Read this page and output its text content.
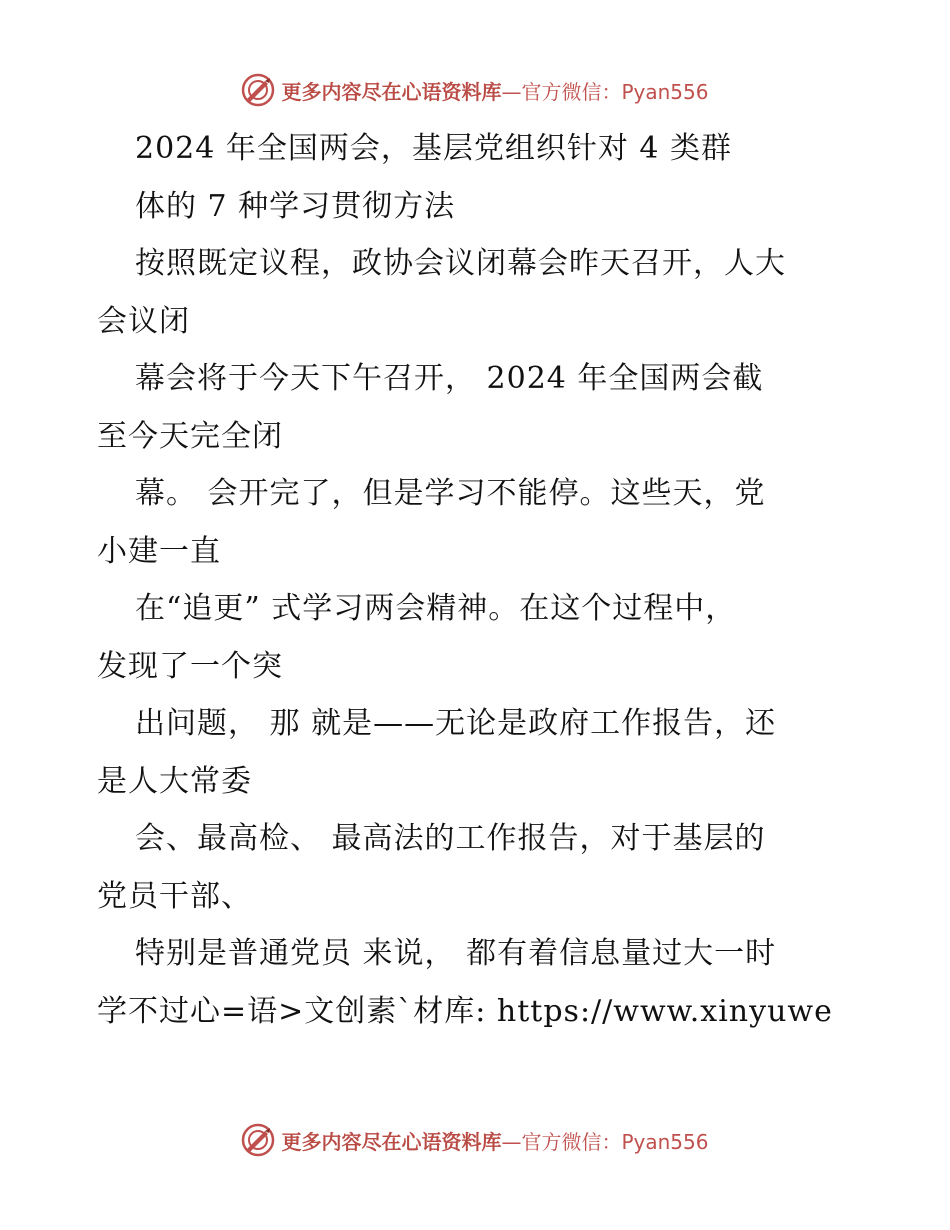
更多内容尽在心语资料库—官方微信：Pyan556
2024 年全国两会，基层党组织针对 4 类群
体的 7 种学习贯彻方法
按照既定议程，政协会议闭幕会昨天召开，人大
会议闭
幕会将于今天下午召开， 2024 年全国两会截
至今天完全闭
幕。 会开完了，但是学习不能停。这些天，党
小建一直
在“追更” 式学习两会精神。在这个过程中，
发现了一个突
出问题， 那 就是——无论是政府工作报告，还
是人大常委
会、最高检、 最高法的工作报告，对于基层的
党员干部、
特别是普通党员 来说， 都有着信息量过大一时
学不过心=语>文创素`材库: https://www.xinyuwe
更多内容尽在心语资料库—官方微信：Pyan556
